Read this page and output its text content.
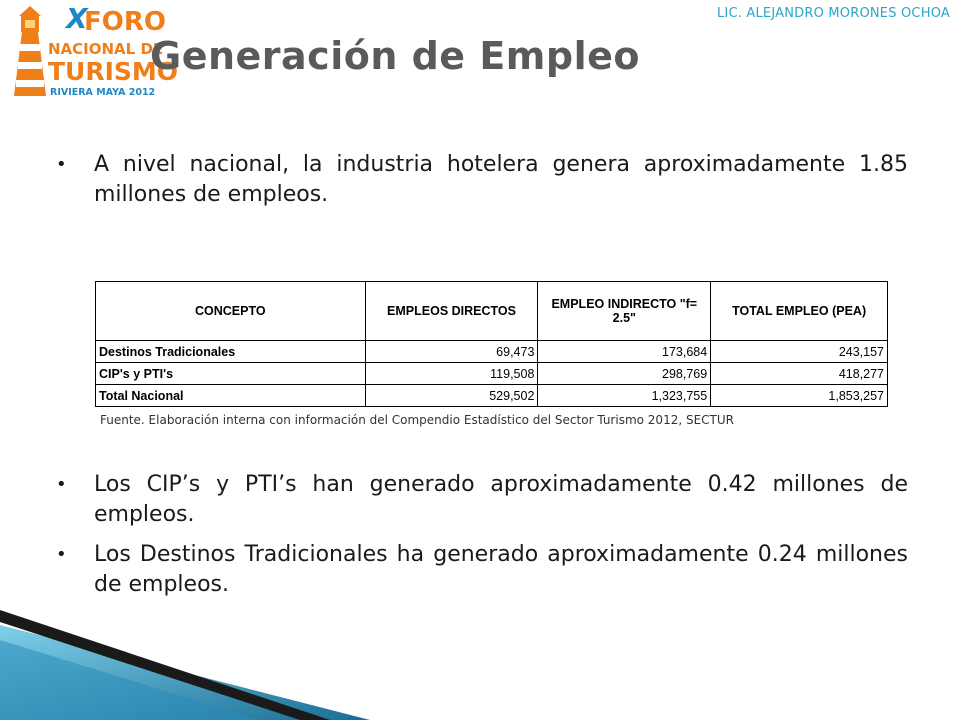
LIC. ALEJANDRO MORONES OCHOA
X
FORO
NACIONAL DE
TURISMO
RIVIERA MAYA 2012
Generación de Empleo
•	A nivel nacional, la industria hotelera genera aproximadamente 1.85 millones de empleos.
CONCEPTO	EMPLEOS DIRECTOS	EMPLEO INDIRECTO "f= 2.5"	TOTAL EMPLEO (PEA)
Destinos Tradicionales	69,473	173,684	243,157
CIP's y PTI's	119,508	298,769	418,277
Total Nacional	529,502	1,323,755	1,853,257
Fuente. Elaboración interna con información del Compendio Estadístico del Sector Turismo 2012, SECTUR
•	Los CIP’s y PTI’s han generado aproximadamente 0.42 millones de empleos.
•	Los Destinos Tradicionales ha generado aproximadamente 0.24 millones de empleos.
